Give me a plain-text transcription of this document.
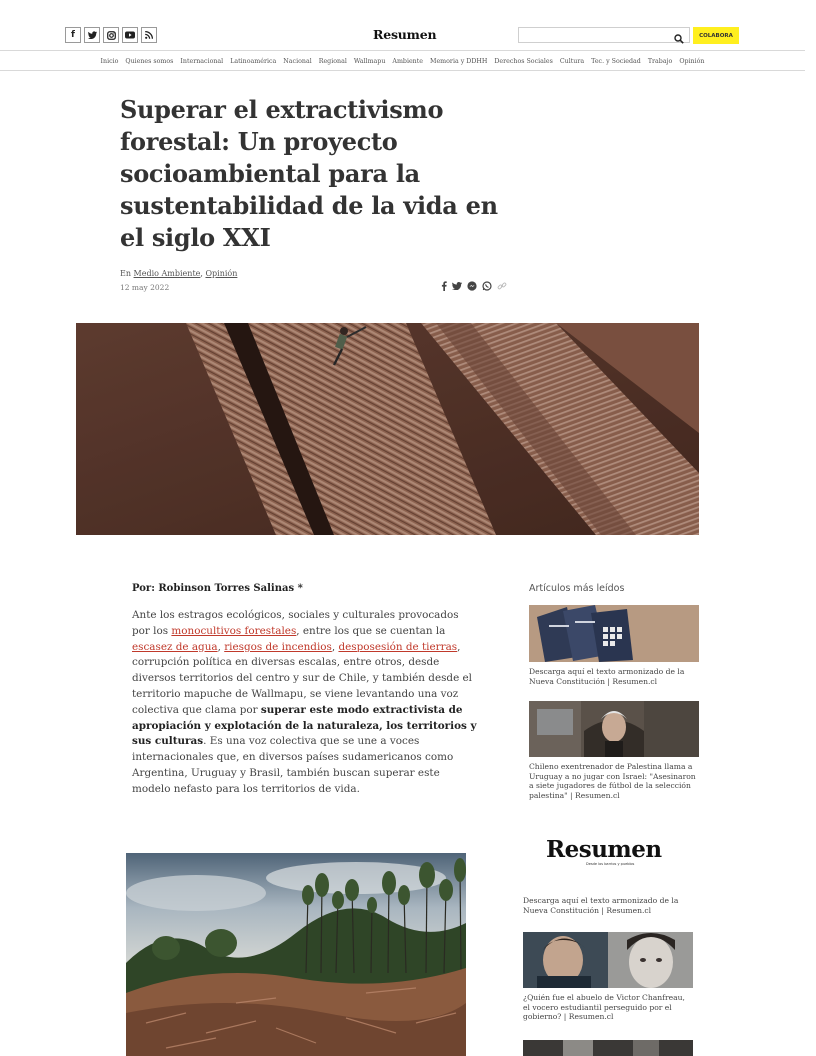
f	Resumen	COLABORA
Inicio Quienes somos Internacional Latinoamérica Nacional Regional Wallmapu Ambiente Memoria y DDHH Derechos Sociales Cultura Tec. y Sociedad Trabajo Opinión
Superar el extractivismo forestal: Un proyecto socioambiental para la sustentabilidad de la vida en el siglo XXI
En Medio Ambiente, Opinión
12 may 2022
Por: Robinson Torres Salinas *

Ante los estragos ecológicos, sociales y culturales provocados por los monocultivos forestales, entre los que se cuentan la escasez de agua, riesgos de incendios, desposesión de tierras, corrupción política en diversas escalas, entre otros, desde diversos territorios del centro y sur de Chile, y también desde el territorio mapuche de Wallmapu, se viene levantando una voz colectiva que clama por superar este modo extractivista de apropiación y explotación de la naturaleza, los territorios y sus culturas. Es una voz colectiva que se une a voces internacionales que, en diversos países sudamericanos como Argentina, Uruguay y Brasil, también buscan superar este modelo nefasto para los territorios de vida.

Artículos más leídos
Descarga aquí el texto armonizado de la Nueva Constitución | Resumen.cl
Chileno exentrenador de Palestina llama a Uruguay a no jugar con Israel: "Asesinaron a siete jugadores de fútbol de la selección palestina" | Resumen.cl
Resumen
Desde los barrios y pueblos
Descarga aquí el texto armonizado de la Nueva Constitución | Resumen.cl
¿Quién fue el abuelo de Victor Chanfreau, el vocero estudiantil perseguido por el gobierno? | Resumen.cl
